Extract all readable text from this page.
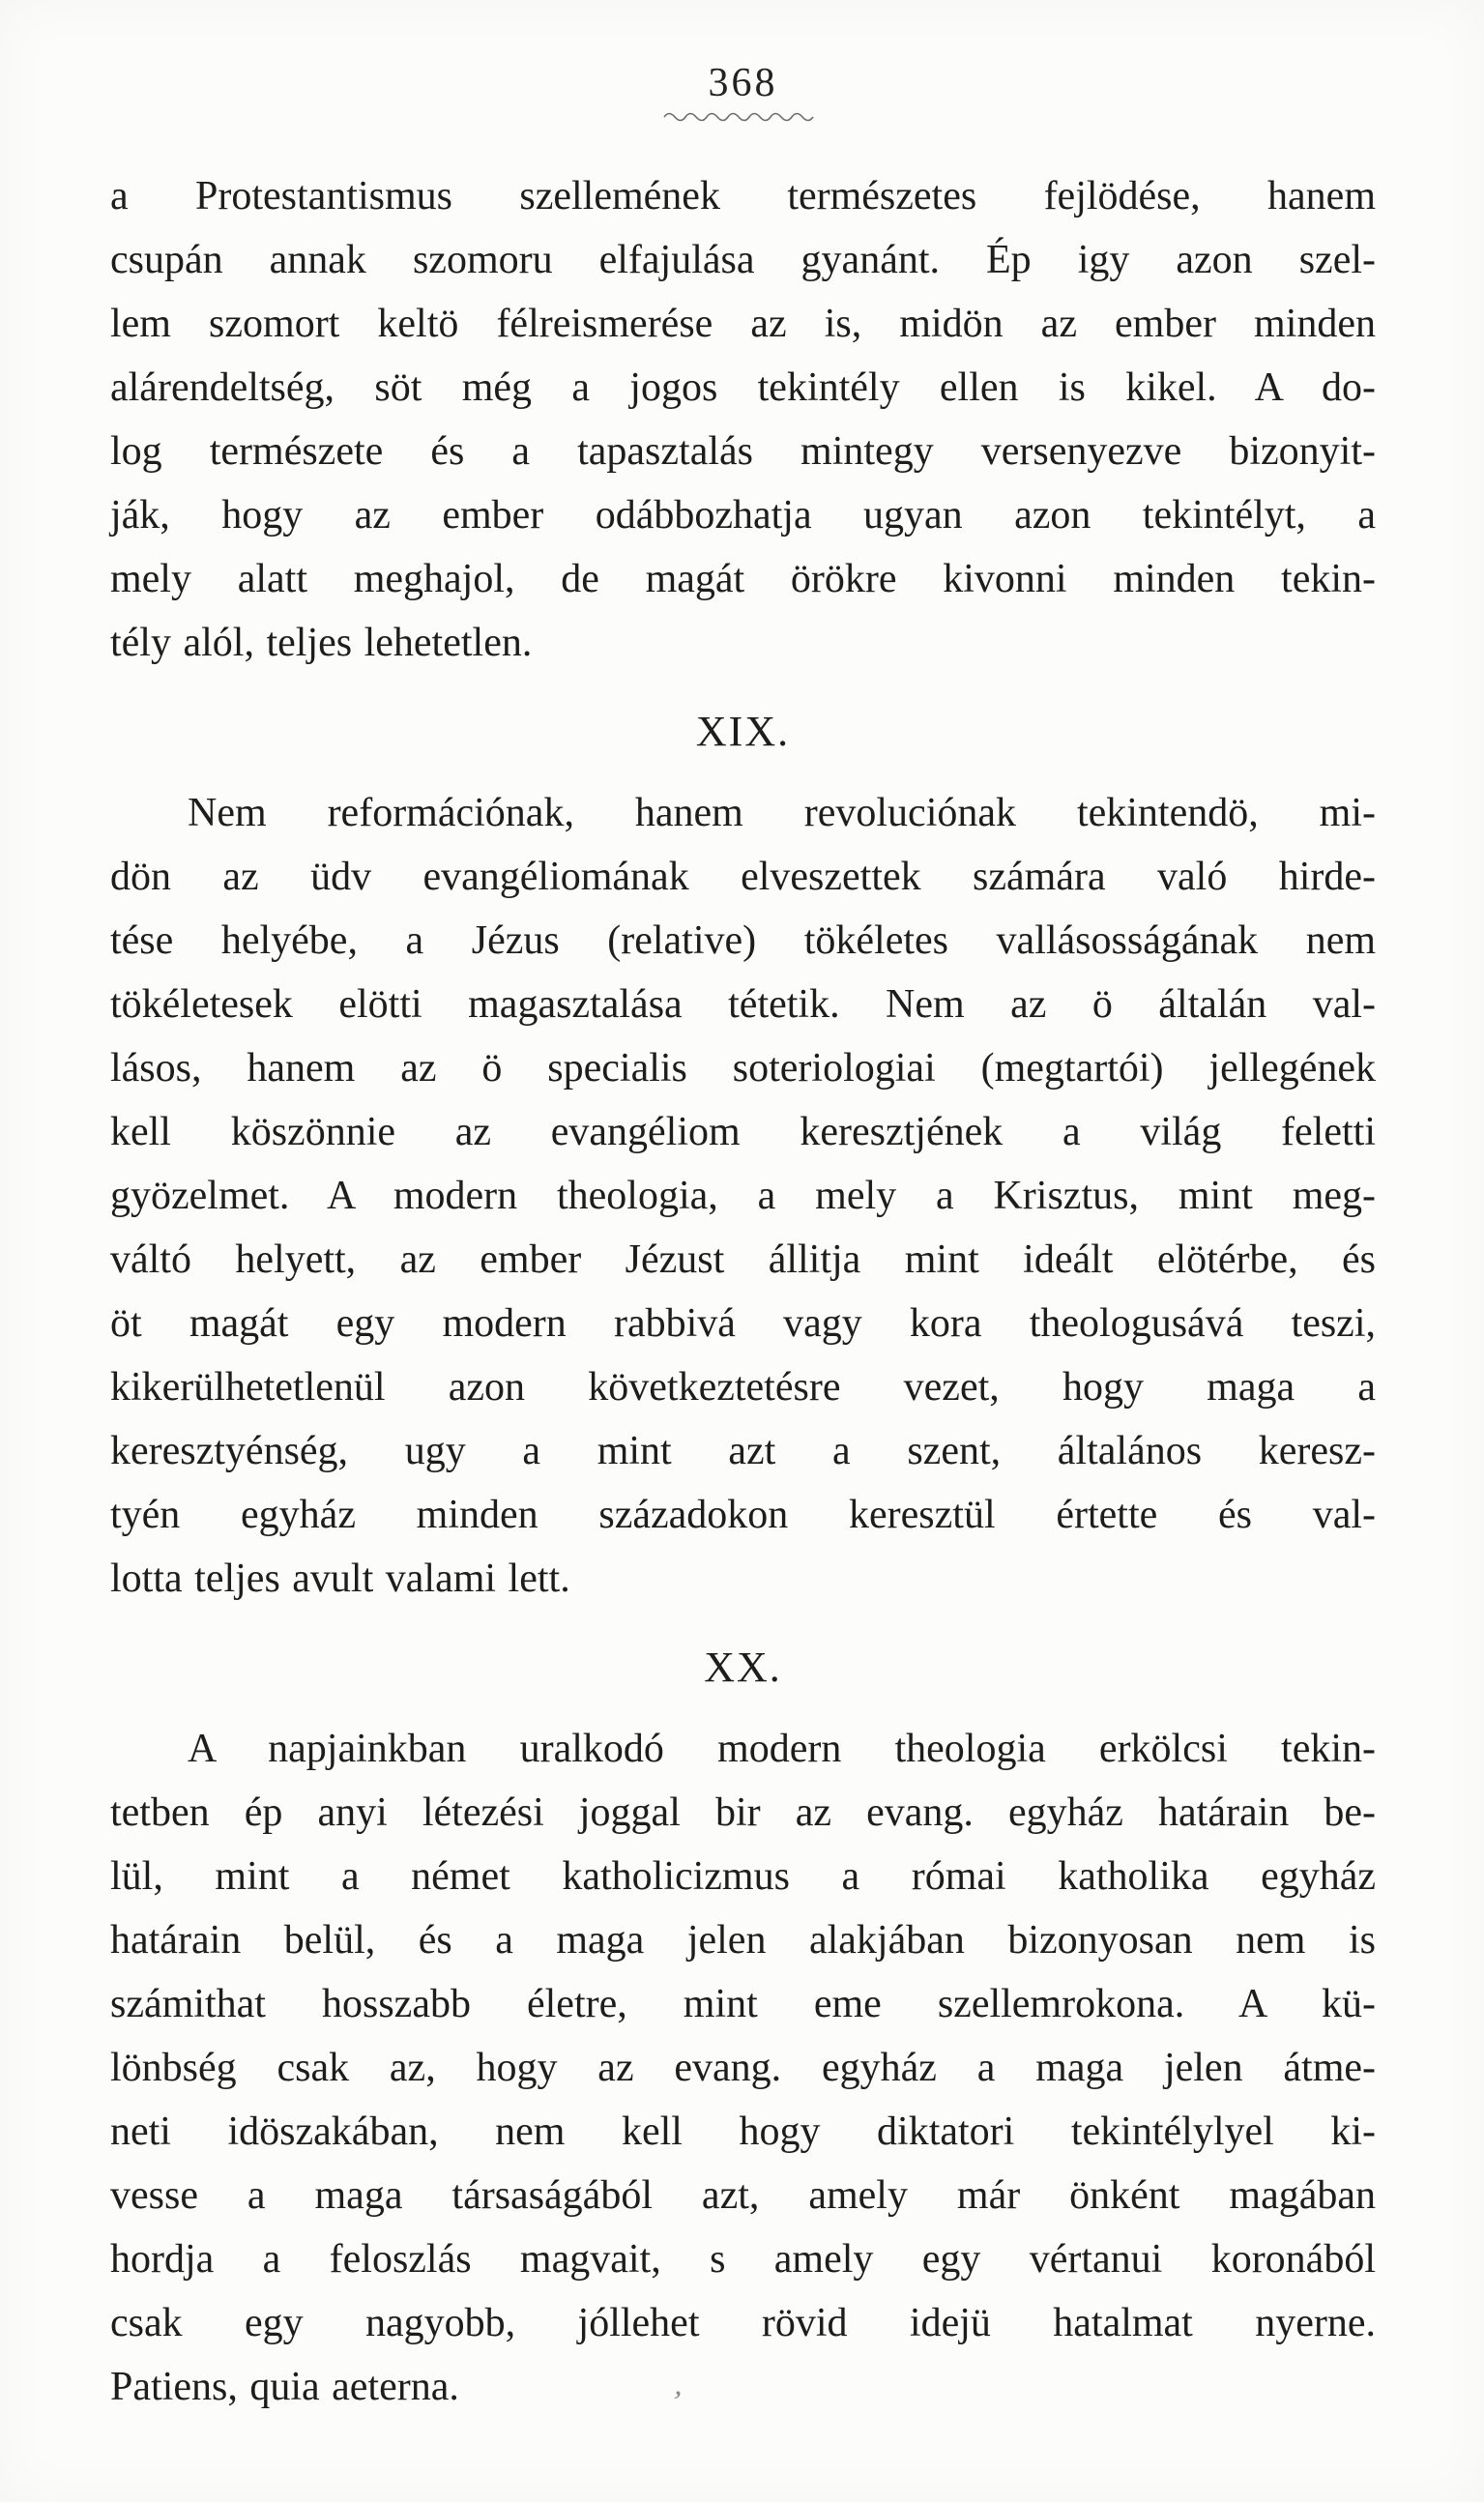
368
a Protestantismus szellemének természetes fejlödése, hanem
csupán annak szomoru elfajulása gyanánt. Ép igy azon szel-
lem szomort keltö félreismerése az is, midön az ember minden
alárendeltség, söt még a jogos tekintély ellen is kikel. A do-
log természete és a tapasztalás mintegy versenyezve bizonyit-
ják, hogy az ember odábbozhatja ugyan azon tekintélyt, a
mely alatt meghajol, de magát örökre kivonni minden tekin-
tély alól, teljes lehetetlen.
XIX.
Nem reformációnak, hanem revoluciónak tekintendö, mi-
dön az üdv evangéliomának elveszettek számára való hirde-
tése helyébe, a Jézus (relative) tökéletes vallásosságának nem
tökéletesek elötti magasztalása tétetik. Nem az ö általán val-
lásos, hanem az ö specialis soteriologiai (megtartói) jellegének
kell köszönnie az evangéliom keresztjének a világ feletti
gyözelmet. A modern theologia, a mely a Krisztus, mint meg-
váltó helyett, az ember Jézust állitja mint ideált elötérbe, és
öt magát egy modern rabbivá vagy kora theologusává teszi,
kikerülhetetlenül azon következtetésre vezet, hogy maga a
keresztyénség, ugy a mint azt a szent, általános keresz-
tyén egyház minden századokon keresztül értette és val-
lotta teljes avult valami lett.
XX.
A napjainkban uralkodó modern theologia erkölcsi tekin-
tetben ép anyi létezési joggal bir az evang. egyház határain be-
lül, mint a német katholicizmus a római katholika egyház
határain belül, és a maga jelen alakjában bizonyosan nem is
számithat hosszabb életre, mint eme szellemrokona. A kü-
lönbség csak az, hogy az evang. egyház a maga jelen átme-
neti idöszakában, nem kell hogy diktatori tekintélylyel ki-
vesse a maga társaságából azt, amely már önként magában
hordja a feloszlás magvait, s amely egy vértanui koronából
csak egy nagyobb, jóllehet rövid idejü hatalmat nyerne.
Patiens, quia aeterna.	‚
